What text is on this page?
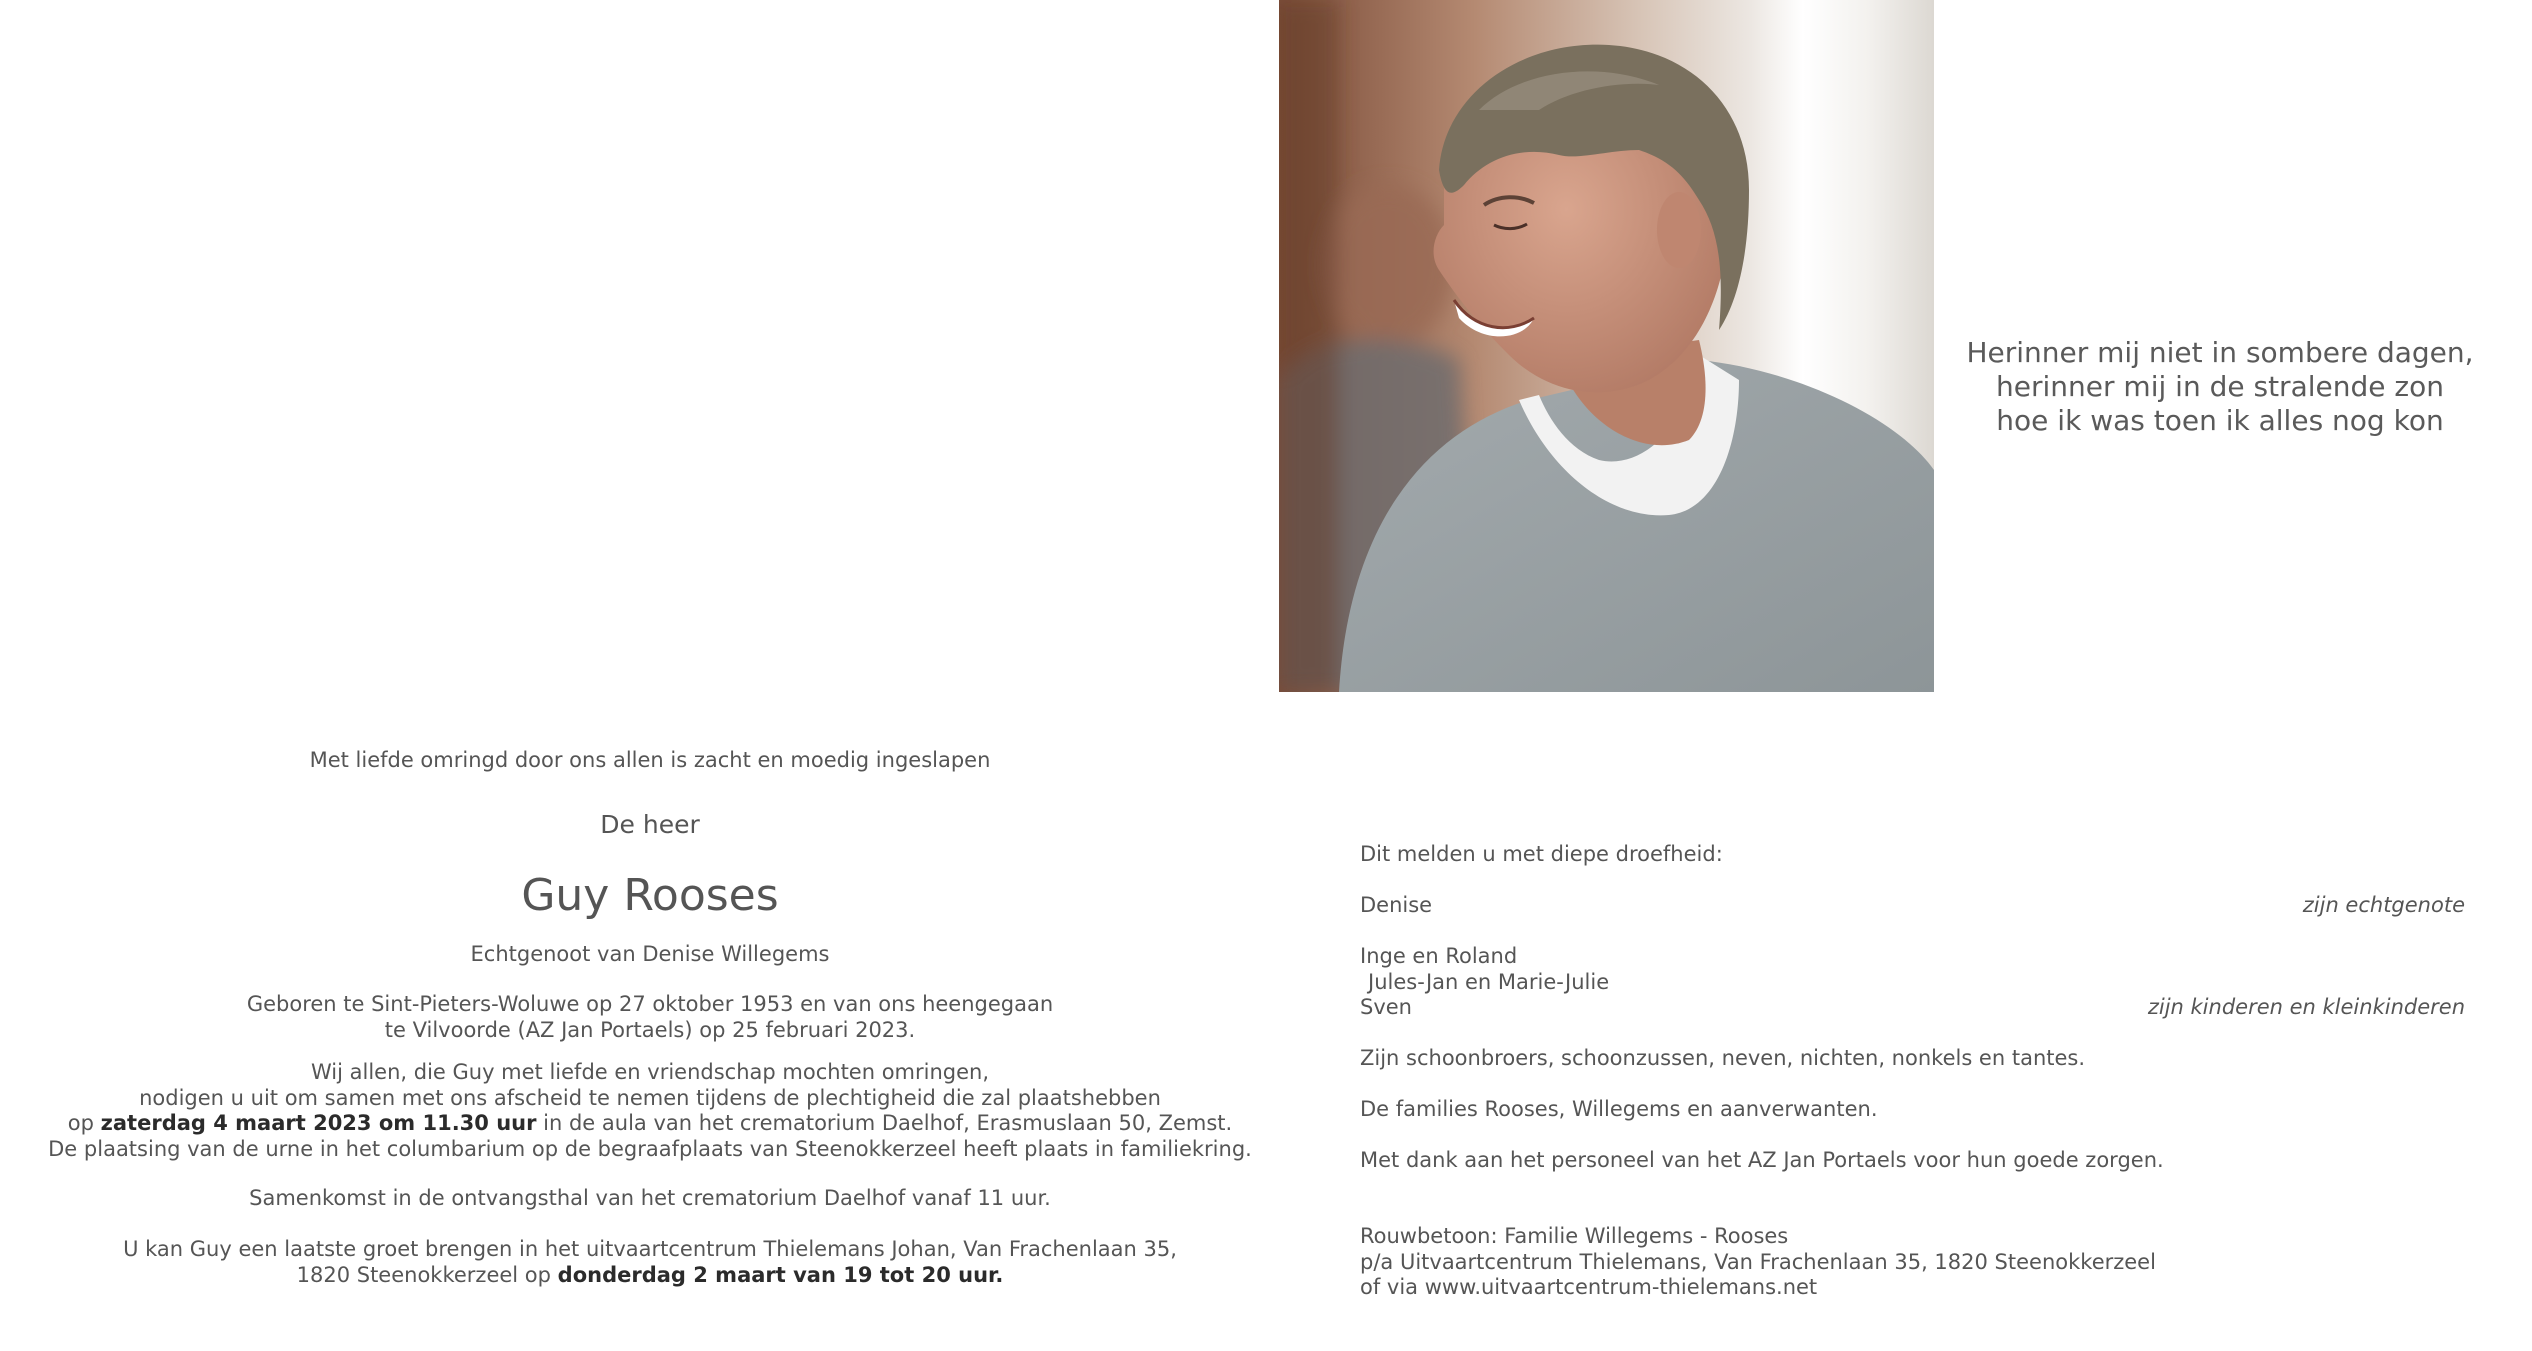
Herinner mij niet in sombere dagen,
herinner mij in de stralende zon
hoe ik was toen ik alles nog kon
Met liefde omringd door ons allen is zacht en moedig ingeslapen
De heer
Guy Rooses
Echtgenoot van Denise Willegems
Geboren te Sint-Pieters-Woluwe op 27 oktober 1953 en van ons heengegaan
te Vilvoorde (AZ Jan Portaels) op 25 februari 2023.
Wij allen, die Guy met liefde en vriendschap mochten omringen,
nodigen u uit om samen met ons afscheid te nemen tijdens de plechtigheid die zal plaatshebben
op zaterdag 4 maart 2023 om 11.30 uur in de aula van het crematorium Daelhof, Erasmuslaan 50, Zemst.
De plaatsing van de urne in het columbarium op de begraafplaats van Steenokkerzeel heeft plaats in familiekring.
Samenkomst in de ontvangsthal van het crematorium Daelhof vanaf 11 uur.
U kan Guy een laatste groet brengen in het uitvaartcentrum Thielemans Johan, Van Frachenlaan 35,
1820 Steenokkerzeel op donderdag 2 maart van 19 tot 20 uur.
Dit melden u met diepe droefheid:
Denise	zijn echtgenote
Inge en Roland
Jules-Jan en Marie-Julie
Sven	zijn kinderen en kleinkinderen
Zijn schoonbroers, schoonzussen, neven, nichten, nonkels en tantes.
De families Rooses, Willegems en aanverwanten.
Met dank aan het personeel van het AZ Jan Portaels voor hun goede zorgen.
Rouwbetoon: Familie Willegems - Rooses
p/a Uitvaartcentrum Thielemans, Van Frachenlaan 35, 1820 Steenokkerzeel
of via www.uitvaartcentrum-thielemans.net
